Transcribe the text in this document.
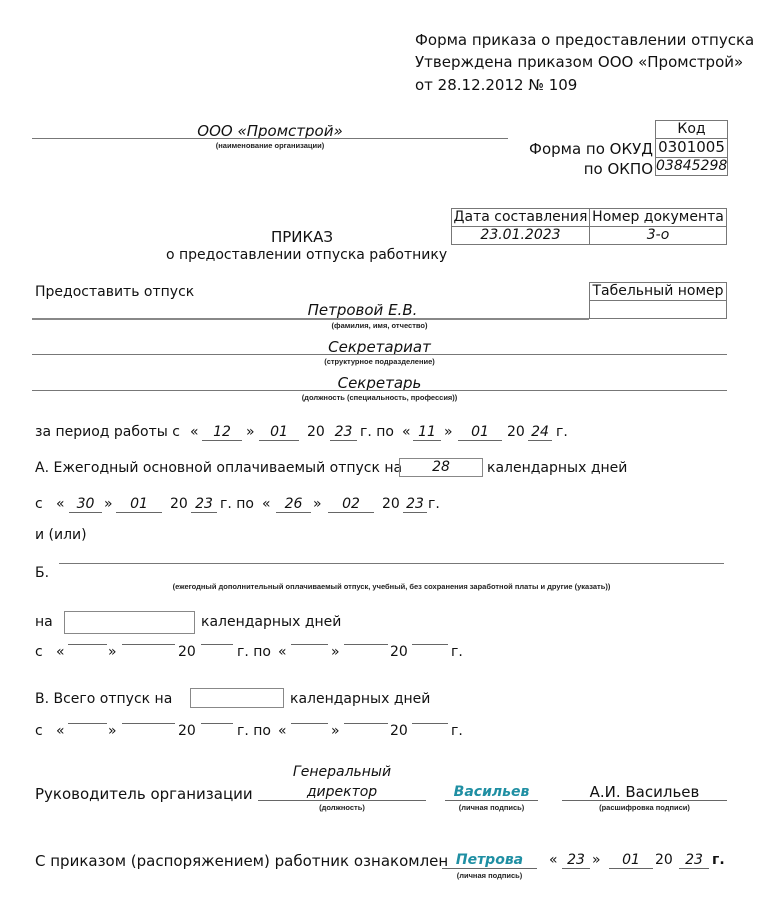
Форма приказа о предоставлении отпуска
Утверждена приказом ООО «Промстрой»
от 28.12.2012 № 109
ООО «Промстрой»
(наименование организации)
Код
Форма по ОКУД 0301005
по ОКПО 03845298
ПРИКАЗ
о предоставлении отпуска работнику
Дата составления Номер документа
23.01.2023	3-о
Предоставить отпуск	Табельный номер
Петровой Е.В.
(фамилия, имя, отчество)
Секретариат
(структурное подразделение)
Секретарь
(должность (специальность, профессия))
за период работы с «	12	»	01	20 23 г. по « 11 »	01	20 24 г.
А. Ежегодный основной оплачиваемый отпуск на	28	календарных дней
с « 30 »	01	20 23 г. по «	26 »	02	20 23 г.
и (или)
Б.
(ежегодный дополнительный оплачиваемый отпуск, учебный, без сохранения заработной платы и другие (указать))
на	календарных дней
с «	»	20	г. по «	»	20	г.
В. Всего отпуск на	календарных дней
с «	»	20	г. по «	»	20	г.
Руководитель организации
Генеральный
директор
(должность)
Васильев
(личная подпись)
А.И. Васильев
(расшифровка подписи)
С приказом (распоряжением) работник ознакомлен Петрова
(личная подпись)
« 23 »	01	20 23 г.
